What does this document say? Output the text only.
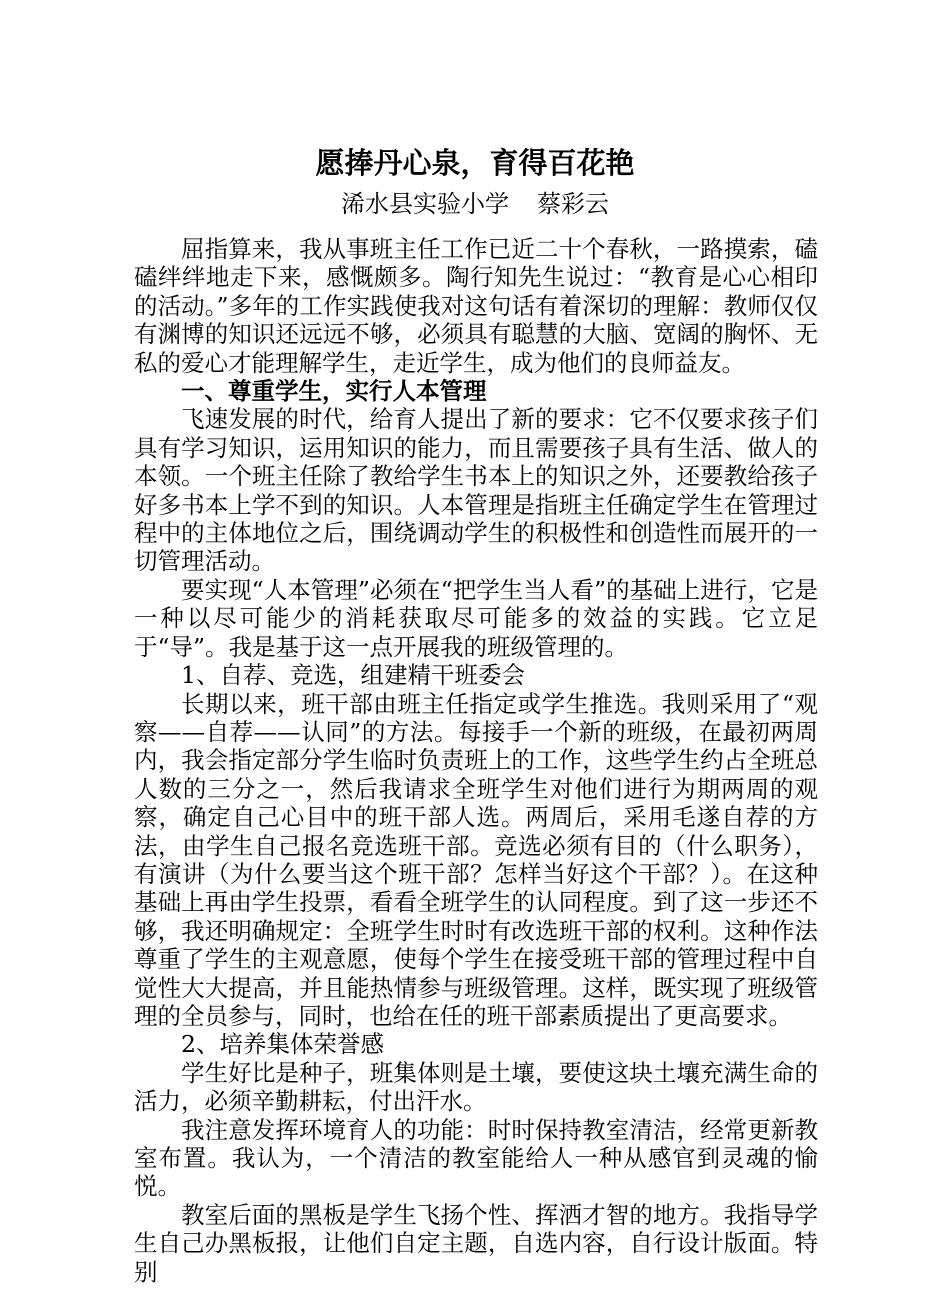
愿捧丹心泉，育得百花艳
浠水县实验小学 蔡彩云

屈指算来，我从事班主任工作已近二十个春秋，一路摸索，磕磕绊绊地走下来，感慨颇多。陶行知先生说过：“教育是心心相印的活动。”多年的工作实践使我对这句话有着深切的理解：教师仅仅有渊博的知识还远远不够，必须具有聪慧的大脑、宽阔的胸怀、无私的爱心才能理解学生，走近学生，成为他们的良师益友。

一、尊重学生，实行人本管理

飞速发展的时代，给育人提出了新的要求：它不仅要求孩子们具有学习知识，运用知识的能力，而且需要孩子具有生活、做人的本领。一个班主任除了教给学生书本上的知识之外，还要教给孩子好多书本上学不到的知识。人本管理是指班主任确定学生在管理过程中的主体地位之后，围绕调动学生的积极性和创造性而展开的一切管理活动。

要实现“人本管理”必须在“把学生当人看”的基础上进行，它是一种以尽可能少的消耗获取尽可能多的效益的实践。它立足于“导”。我是基于这一点开展我的班级管理的。

1、自荐、竞选，组建精干班委会

长期以来，班干部由班主任指定或学生推选。我则采用了“观察——自荐——认同”的方法。每接手一个新的班级，在最初两周内，我会指定部分学生临时负责班上的工作，这些学生约占全班总人数的三分之一，然后我请求全班学生对他们进行为期两周的观察，确定自己心目中的班干部人选。两周后，采用毛遂自荐的方法，由学生自己报名竞选班干部。竞选必须有目的（什么职务），有演讲（为什么要当这个班干部？怎样当好这个干部？）。在这种基础上再由学生投票，看看全班学生的认同程度。到了这一步还不够，我还明确规定：全班学生时时有改选班干部的权利。这种作法尊重了学生的主观意愿，使每个学生在接受班干部的管理过程中自觉性大大提高，并且能热情参与班级管理。这样，既实现了班级管理的全员参与，同时，也给在任的班干部素质提出了更高要求。

2、培养集体荣誉感

学生好比是种子，班集体则是土壤，要使这块土壤充满生命的活力，必须辛勤耕耘，付出汗水。

我注意发挥环境育人的功能：时时保持教室清洁，经常更新教室布置。我认为，一个清洁的教室能给人一种从感官到灵魂的愉悦。

教室后面的黑板是学生飞扬个性、挥洒才智的地方。我指导学生自己办黑板报，让他们自定主题，自选内容，自行设计版面。特别
